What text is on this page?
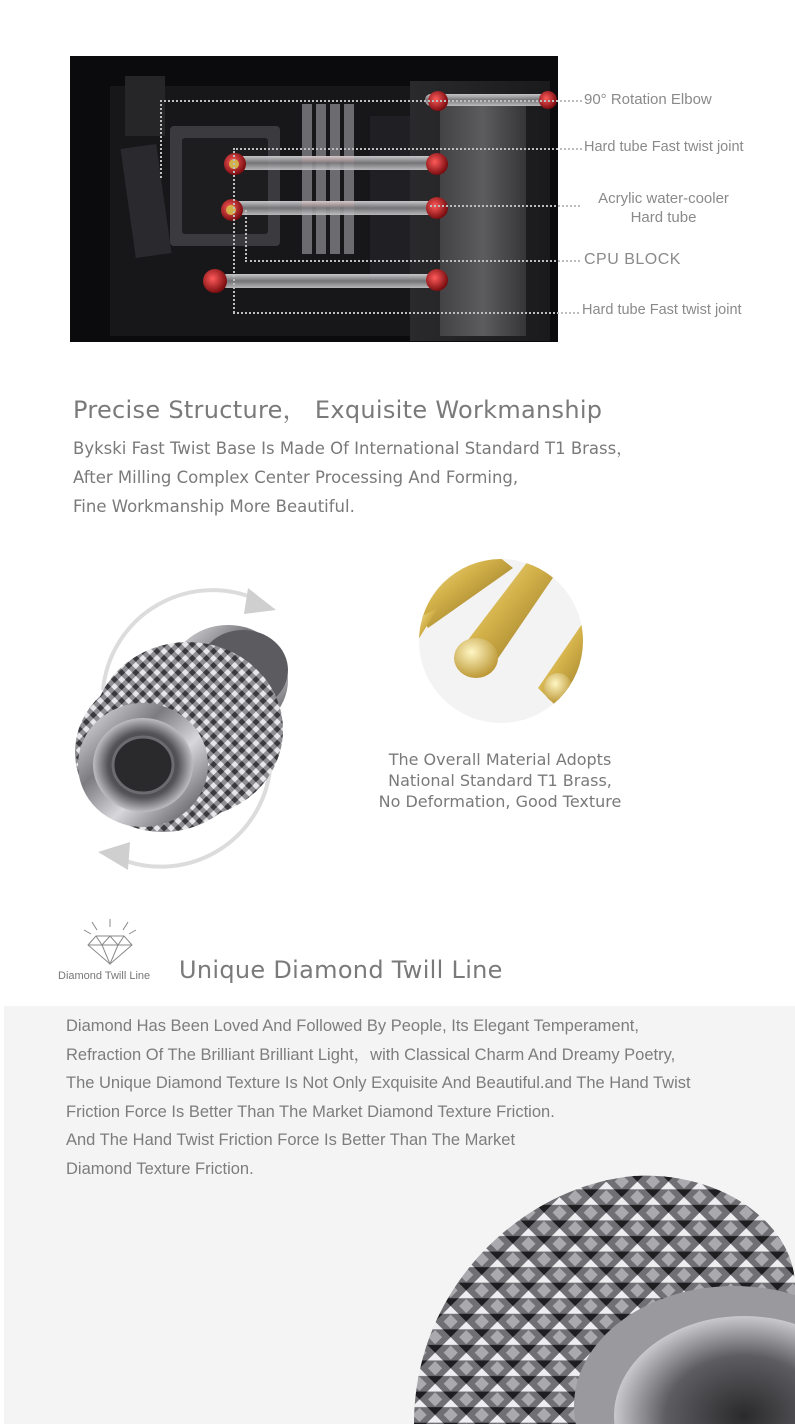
90° Rotation Elbow
Hard tube Fast twist joint
Acrylic water-cooler
Hard tube
CPU BLOCK
Hard tube Fast twist joint
Precise Structure， Exquisite Workmanship
Bykski Fast Twist Base Is Made Of International Standard T1 Brass，
After Milling Complex Center Processing And Forming,
Fine Workmanship More Beautiful.
The Overall Material Adopts
National Standard T1 Brass,
No Deformation, Good Texture
Diamond Twill Line Unique Diamond Twill Line
Diamond Has Been Loved And Followed By People, Its Elegant Temperament,
Refraction Of The Brilliant Brilliant Light，with Classical Charm And Dreamy Poetry,
The Unique Diamond Texture Is Not Only Exquisite And Beautiful.and The Hand Twist
Friction Force Is Better Than The Market Diamond Texture Friction.
And The Hand Twist Friction Force Is Better Than The Market
Diamond Texture Friction.
